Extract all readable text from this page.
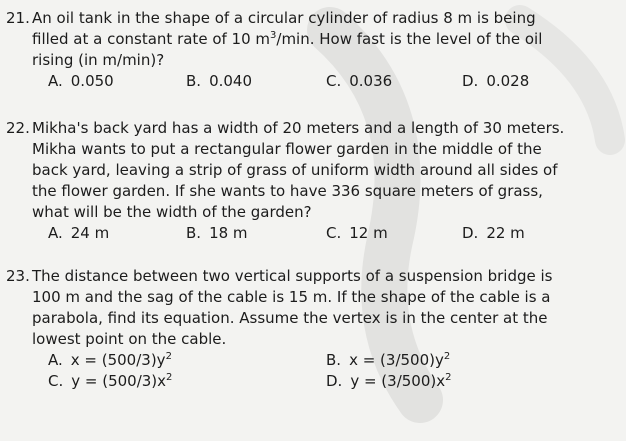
21. An oil tank in the shape of a circular cylinder of radius 8 m is being

filled at a constant rate of 10 $m^3/\min$. How fast is the level of the oil

rising (in m/min)?

A. 0.050	B. 0.040	C. 0.036	D. 0.028

22. Mikha's back yard has a width of 20 meters and a length of 30 meters.

Mikha wants to put a rectangular flower garden in the middle of the

back yard, leaving a strip of grass of uniform width around all sides of

the flower garden. If she wants to have 336 square meters of grass,

what will be the width of the garden?

A. 24 m	B. 18 m	C. 12 m	D. 22 m

23. The distance between two vertical supports of a suspension bridge is

100 m and the sag of the cable is 15 m. If the shape of the cable is a

parabola, find its equation. Assume the vertex is in the center at the

lowest point on the cable.

A. $x = (500/3)y^2$	B. $x = (3/500)y^2$
C. $y = (500/3)x^2$	D. $y = (3/500)x^2$
